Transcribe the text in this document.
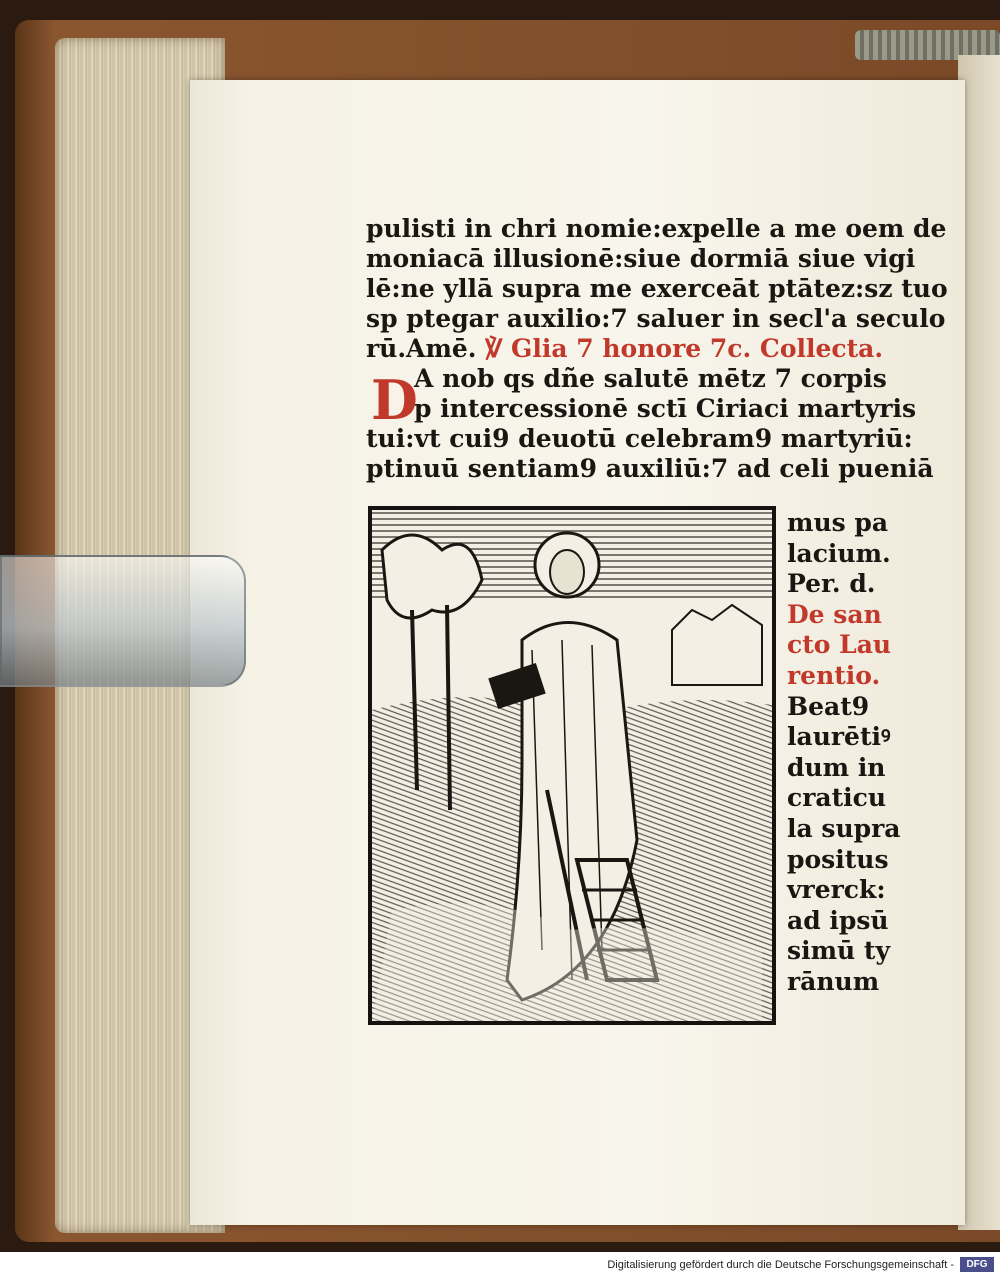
pulisti in chri nomie:expelle a me oem de
moniacā illusionē:siue dormiā siue vigi
lē:ne yllā supra me exerceāt ptātez:sz tuo
sp ptegar auxilio:7 saluer in secl'a seculo
rū.Amē. ℣ Glia 7 honore 7c. Collecta.
A nob qs dñe salutē mētz 7 corpis
p intercessionē sctī Ciriaci martyris
tui:vt cui9 deuotū celebram9 martyriū:
ptinuū sentiam9 auxiliū:7 ad celi pueniā
D
mus pa
lacium.
Per. d.
De san
cto Lau
rentio.
Beat9
laurētiꝰ
dum in
craticu
la supra
positus
vrerck:
ad ipsū
simū ty
rānum
Digitalisierung gefördert durch die Deutsche Forschungsgemeinschaft -	DFG
